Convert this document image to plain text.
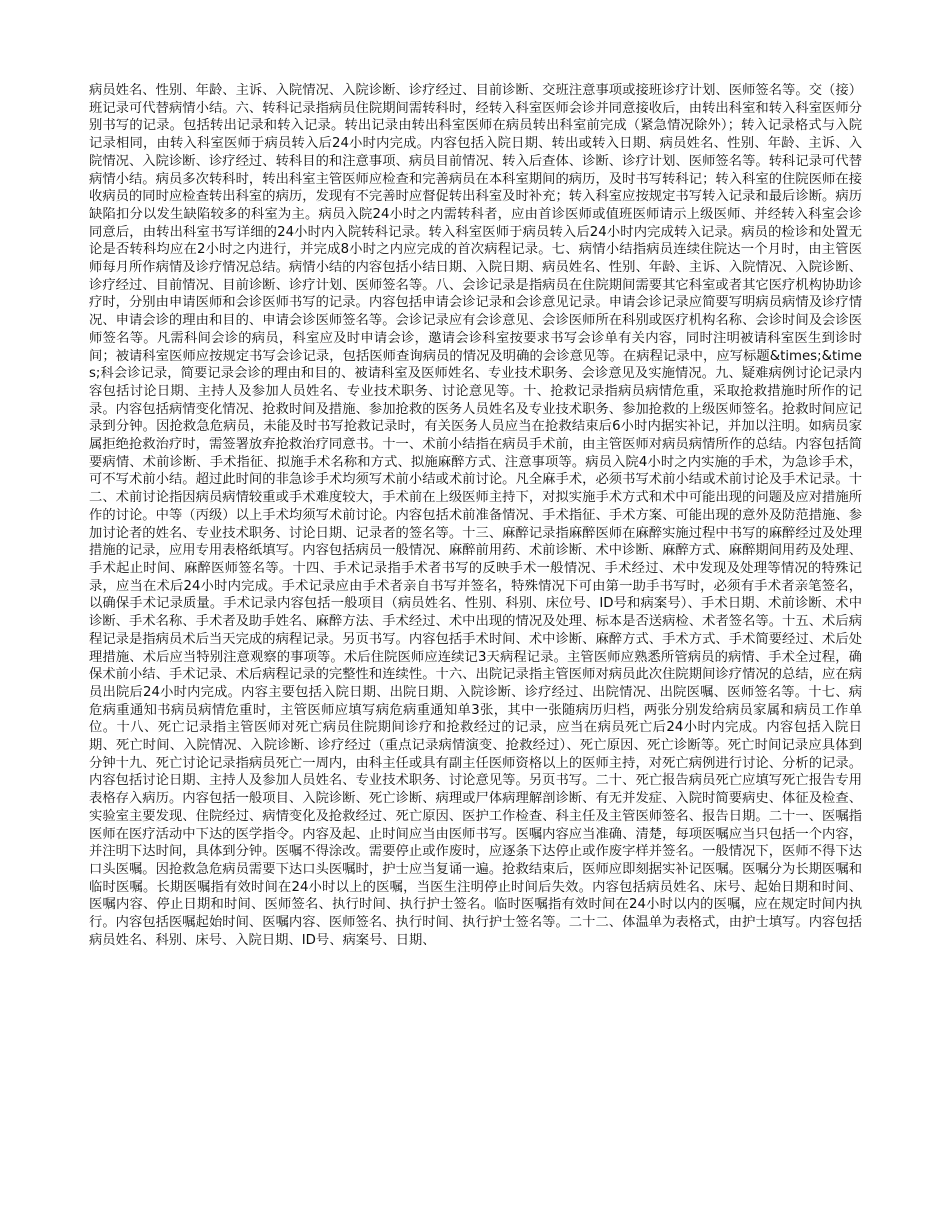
病员姓名、性别、年龄、主诉、入院情况、入院诊断、诊疗经过、目前诊断、交班注意事项或接班诊疗计划、医师签名等。交（接）班记录可代替病情小结。六、转科记录指病员住院期间需转科时，经转入科室医师会诊并同意接收后，由转出科室和转入科室医师分别书写的记录。包括转出记录和转入记录。转出记录由转出科室医师在病员转出科室前完成（紧急情况除外）；转入记录格式与入院记录相同，由转入科室医师于病员转入后24小时内完成。内容包括入院日期、转出或转入日期、病员姓名、性别、年龄、主诉、入院情况、入院诊断、诊疗经过、转科目的和注意事项、病员目前情况、转入后查体、诊断、诊疗计划、医师签名等。转科记录可代替病情小结。病员多次转科时，转出科室主管医师应检查和完善病员在本科室期间的病历，及时书写转科记；转入科室的住院医师在接收病员的同时应检查转出科室的病历，发现有不完善时应督促转出科室及时补充；转入科室应按规定书写转入记录和最后诊断。病历缺陷扣分以发生缺陷较多的科室为主。病员入院24小时之内需转科者，应由首诊医师或值班医师请示上级医师、并经转入科室会诊同意后，由转出科室书写详细的24小时内入院转科记录。转入科室医师于病员转入后24小时内完成转入记录。病员的检诊和处置无论是否转科均应在2小时之内进行，并完成8小时之内应完成的首次病程记录。七、病情小结指病员连续住院达一个月时，由主管医师每月所作病情及诊疗情况总结。病情小结的内容包括小结日期、入院日期、病员姓名、性别、年龄、主诉、入院情况、入院诊断、诊疗经过、目前情况、目前诊断、诊疗计划、医师签名等。八、会诊记录是指病员在住院期间需要其它科室或者其它医疗机构协助诊疗时，分别由申请医师和会诊医师书写的记录。内容包括申请会诊记录和会诊意见记录。申请会诊记录应简要写明病员病情及诊疗情况、申请会诊的理由和目的、申请会诊医师签名等。会诊记录应有会诊意见、会诊医师所在科别或医疗机构名称、会诊时间及会诊医师签名等。凡需科间会诊的病员，科室应及时申请会诊，邀请会诊科室按要求书写会诊单有关内容，同时注明被请科室医生到诊时间；被请科室医师应按规定书写会诊记录，包括医师查询病员的情况及明确的会诊意见等。在病程记录中，应写标题&times;&times;科会诊记录，简要记录会诊的理由和目的、被请科室及医师姓名、专业技术职务、会诊意见及实施情况。九、疑难病例讨论记录内容包括讨论日期、主持人及参加人员姓名、专业技术职务、讨论意见等。十、抢救记录指病员病情危重，采取抢救措施时所作的记录。内容包括病情变化情况、抢救时间及措施、参加抢救的医务人员姓名及专业技术职务、参加抢救的上级医师签名。抢救时间应记录到分钟。因抢救急危病员，未能及时书写抢救记录时，有关医务人员应当在抢救结束后6小时内据实补记，并加以注明。如病员家属拒绝抢救治疗时，需签署放弃抢救治疗同意书。十一、术前小结指在病员手术前，由主管医师对病员病情所作的总结。内容包括简要病情、术前诊断、手术指征、拟施手术名称和方式、拟施麻醉方式、注意事项等。病员入院4小时之内实施的手术，为急诊手术，可不写术前小结。超过此时间的非急诊手术均须写术前小结或术前讨论。凡全麻手术，必须书写术前小结或术前讨论及手术记录。十二、术前讨论指因病员病情较重或手术难度较大，手术前在上级医师主持下，对拟实施手术方式和术中可能出现的问题及应对措施所作的讨论。中等（丙级）以上手术均须写术前讨论。内容包括术前准备情况、手术指征、手术方案、可能出现的意外及防范措施、参加讨论者的姓名、专业技术职务、讨论日期、记录者的签名等。十三、麻醉记录指麻醉医师在麻醉实施过程中书写的麻醉经过及处理措施的记录，应用专用表格纸填写。内容包括病员一般情况、麻醉前用药、术前诊断、术中诊断、麻醉方式、麻醉期间用药及处理、手术起止时间、麻醉医师签名等。十四、手术记录指手术者书写的反映手术一般情况、手术经过、术中发现及处理等情况的特殊记录，应当在术后24小时内完成。手术记录应由手术者亲自书写并签名，特殊情况下可由第一助手书写时，必须有手术者亲笔签名，以确保手术记录质量。手术记录内容包括一般项目（病员姓名、性别、科别、床位号、ID号和病案号）、手术日期、术前诊断、术中诊断、手术名称、手术者及助手姓名、麻醉方法、手术经过、术中出现的情况及处理、标本是否送病检、术者签名等。十五、术后病程记录是指病员术后当天完成的病程记录。另页书写。内容包括手术时间、术中诊断、麻醉方式、手术方式、手术简要经过、术后处理措施、术后应当特别注意观察的事项等。术后住院医师应连续记3天病程记录。主管医师应熟悉所管病员的病情、手术全过程，确保术前小结、手术记录、术后病程记录的完整性和连续性。十六、出院记录指主管医师对病员此次住院期间诊疗情况的总结，应在病员出院后24小时内完成。内容主要包括入院日期、出院日期、入院诊断、诊疗经过、出院情况、出院医嘱、医师签名等。十七、病危病重通知书病员病情危重时，主管医师应填写病危病重通知单3张，其中一张随病历归档，两张分别发给病员家属和病员工作单位。十八、死亡记录指主管医师对死亡病员住院期间诊疗和抢救经过的记录，应当在病员死亡后24小时内完成。内容包括入院日期、死亡时间、入院情况、入院诊断、诊疗经过（重点记录病情演变、抢救经过）、死亡原因、死亡诊断等。死亡时间记录应具体到分钟十九、死亡讨论记录指病员死亡一周内，由科主任或具有副主任医师资格以上的医师主持，对死亡病例进行讨论、分析的记录。内容包括讨论日期、主持人及参加人员姓名、专业技术职务、讨论意见等。另页书写。二十、死亡报告病员死亡应填写死亡报告专用表格存入病历。内容包括一般项目、入院诊断、死亡诊断、病理或尸体病理解剖诊断、有无并发症、入院时简要病史、体征及检查、实验室主要发现、住院经过、病情变化及抢救经过、死亡原因、医护工作检查、科主任及主管医师签名、报告日期。二十一、医嘱指医师在医疗活动中下达的医学指令。内容及起、止时间应当由医师书写。医嘱内容应当准确、清楚，每项医嘱应当只包括一个内容，并注明下达时间，具体到分钟。医嘱不得涂改。需要停止或作废时，应逐条下达停止或作废字样并签名。一般情况下，医师不得下达口头医嘱。因抢救急危病员需要下达口头医嘱时，护士应当复诵一遍。抢救结束后，医师应即刻据实补记医嘱。医嘱分为长期医嘱和临时医嘱。长期医嘱指有效时间在24小时以上的医嘱，当医生注明停止时间后失效。内容包括病员姓名、床号、起始日期和时间、医嘱内容、停止日期和时间、医师签名、执行时间、执行护士签名。临时医嘱指有效时间在24小时以内的医嘱，应在规定时间内执行。内容包括医嘱起始时间、医嘱内容、医师签名、执行时间、执行护士签名等。二十二、体温单为表格式，由护士填写。内容包括病员姓名、科别、床号、入院日期、ID号、病案号、日期、
